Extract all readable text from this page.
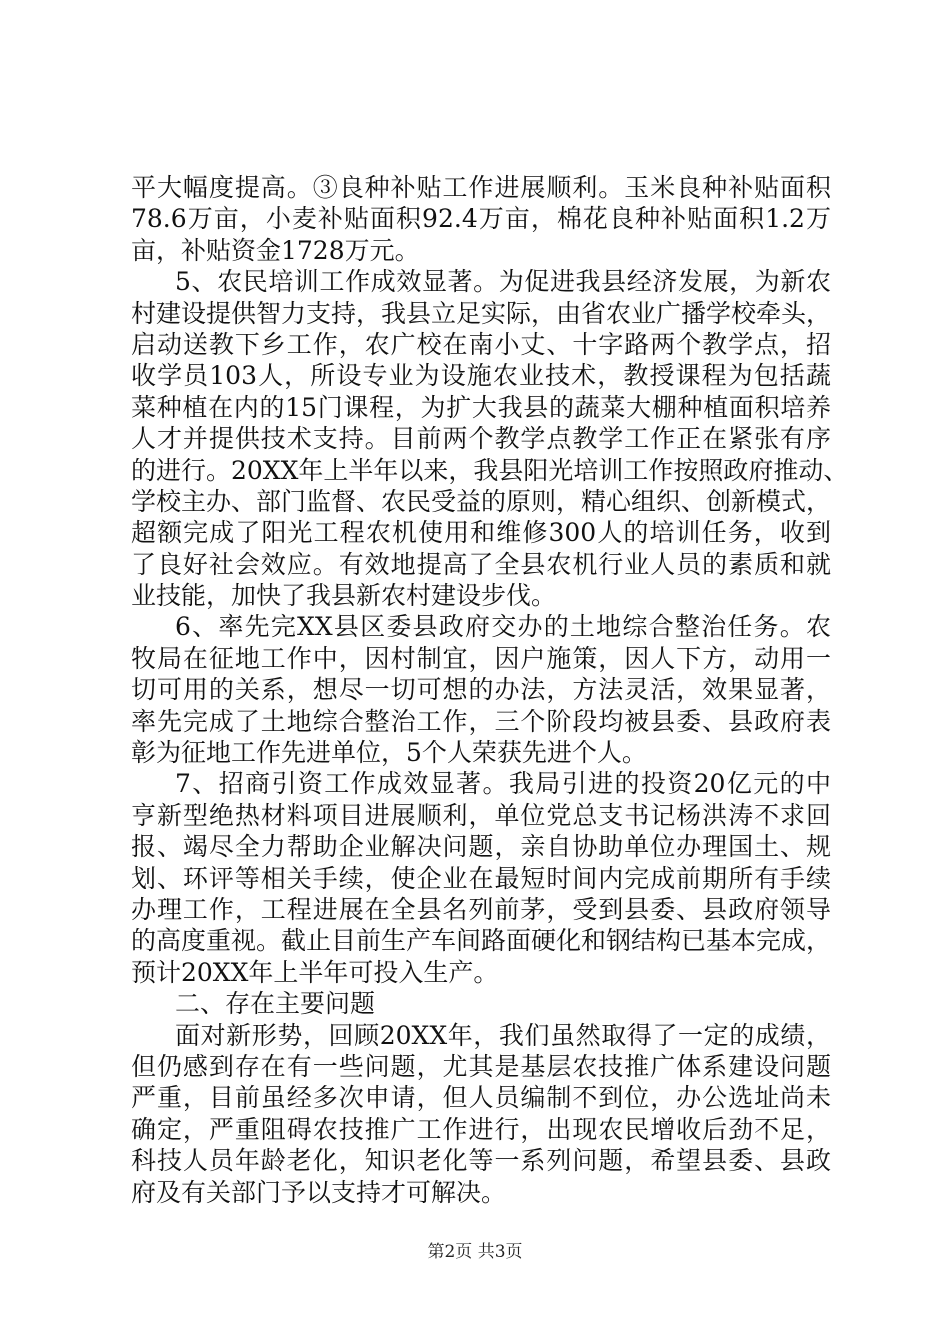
平大幅度提高。③良种补贴工作进展顺利。玉米良种补贴面积
78.6万亩，小麦补贴面积92.4万亩，棉花良种补贴面积1.2万
亩，补贴资金1728万元。
5、农民培训工作成效显著。为促进我县经济发展，为新农
村建设提供智力支持，我县立足实际，由省农业广播学校牵头，
启动送教下乡工作，农广校在南小丈、十字路两个教学点，招
收学员103人，所设专业为设施农业技术，教授课程为包括蔬
菜种植在内的15门课程，为扩大我县的蔬菜大棚种植面积培养
人才并提供技术支持。目前两个教学点教学工作正在紧张有序
的进行。20XX年上半年以来，我县阳光培训工作按照政府推动、
学校主办、部门监督、农民受益的原则，精心组织、创新模式，
超额完成了阳光工程农机使用和维修300人的培训任务，收到
了良好社会效应。有效地提高了全县农机行业人员的素质和就
业技能，加快了我县新农村建设步伐。
6、率先完XX县区委县政府交办的土地综合整治任务。农
牧局在征地工作中，因村制宜，因户施策，因人下方，动用一
切可用的关系，想尽一切可想的办法，方法灵活，效果显著，
率先完成了土地综合整治工作，三个阶段均被县委、县政府表
彰为征地工作先进单位，5个人荣获先进个人。
7、招商引资工作成效显著。我局引进的投资20亿元的中
亨新型绝热材料项目进展顺利，单位党总支书记杨洪涛不求回
报、竭尽全力帮助企业解决问题，亲自协助单位办理国土、规
划、环评等相关手续，使企业在最短时间内完成前期所有手续
办理工作，工程进展在全县名列前茅，受到县委、县政府领导
的高度重视。截止目前生产车间路面硬化和钢结构已基本完成，
预计20XX年上半年可投入生产。
二、存在主要问题
面对新形势，回顾20XX年，我们虽然取得了一定的成绩，
但仍感到存在有一些问题，尤其是基层农技推广体系建设问题
严重，目前虽经多次申请，但人员编制不到位，办公选址尚未
确定，严重阻碍农技推广工作进行，出现农民增收后劲不足，
科技人员年龄老化，知识老化等一系列问题，希望县委、县政
府及有关部门予以支持才可解决。
第2页 共3页
